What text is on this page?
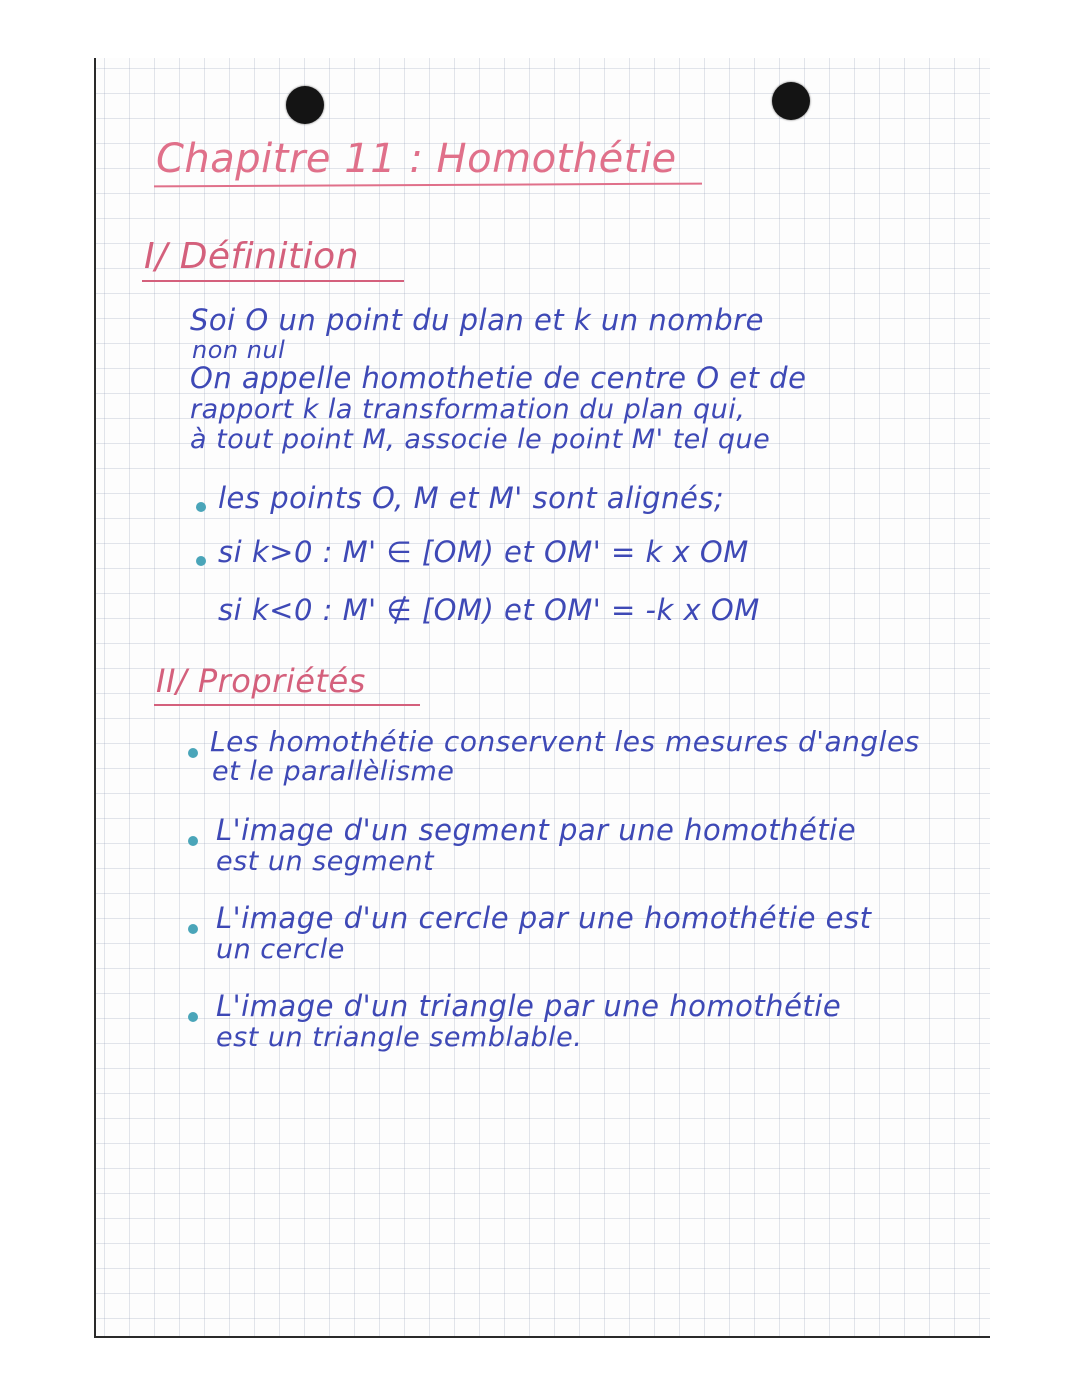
Chapitre 11 : Homothétie
I/ Définition
Soi O un point du plan et k un nombre
non nul
On appelle homothetie de centre O et de
rapport k la transformation du plan qui,
à tout point M, associe le point M' tel que
les points O, M et M' sont alignés;
si k>0 : M' ∈ [OM) et OM' = k x OM
si k<0 : M' ∉ [OM) et OM' = -k x OM
II/ Propriétés
Les homothétie conservent les mesures d'angles
et le parallèlisme
L'image d'un segment par une homothétie
est un segment
L'image d'un cercle par une homothétie est
un cercle
L'image d'un triangle par une homothétie
est un triangle semblable.
